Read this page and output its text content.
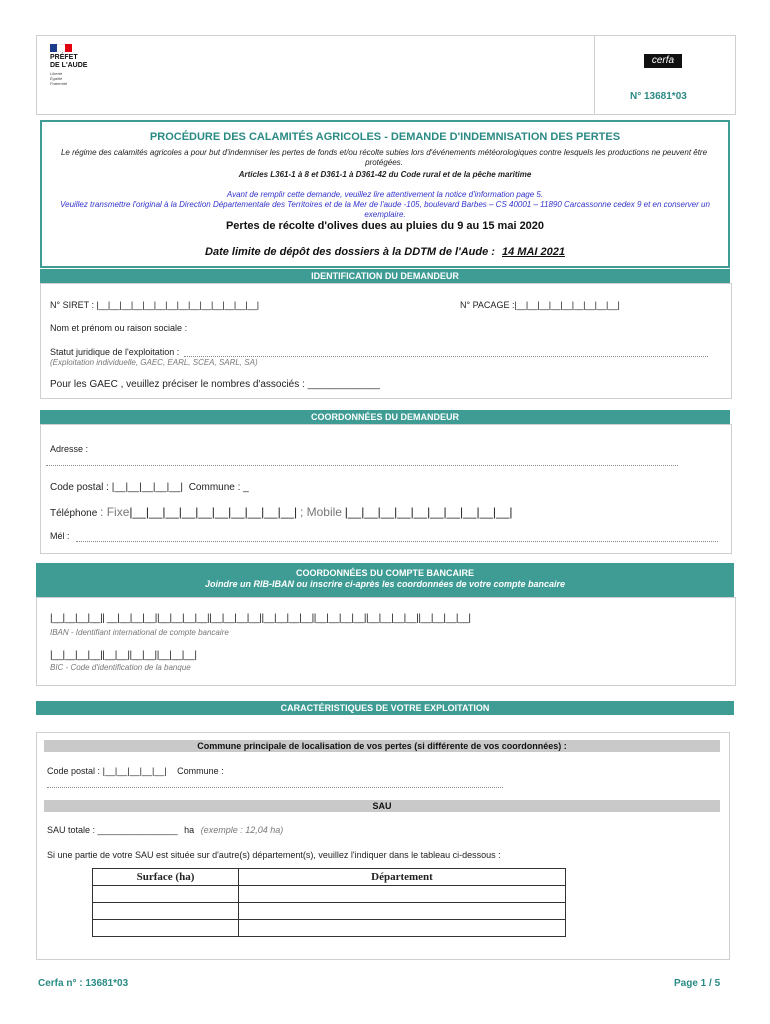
PRÉFET
DE L'AUDE
Liberté
Égalité
Fraternité
cerfa
N° 13681*03
PROCÉDURE DES CALAMITÉS AGRICOLES - DEMANDE D'INDEMNISATION DES PERTES
Le régime des calamités agricoles a pour but d'indemniser les pertes de fonds et/ou récolte subies lors d'événements météorologiques contre lesquels les productions ne peuvent être protégées.
Articles L361-1 à 8 et D361-1 à D361-42 du Code rural et de la pêche maritime
Avant de remplir cette demande, veuillez lire attentivement la notice d'information page 5.
Veuillez transmettre l'original à la Direction Départementale des Territoires et de la Mer de l'aude -105, boulevard Barbes – CS 40001 – 11890 Carcassonne cedex 9 et en conserver un exemplaire.
Pertes de récolte d'olives dues au pluies du 9 au 15 mai 2020
Date limite de dépôt des dossiers à la DDTM de l'Aude : 14 MAI 2021
IDENTIFICATION DU DEMANDEUR
N° SIRET : |__|__|__|__|__|__|__|__|__|__|__|__|__|__|	N° PACAGE :|__|__|__|__|__|__|__|__|__|
Nom et prénom ou raison sociale :
Statut juridique de l'exploitation :
(Exploitation individuelle, GAEC, EARL, SCEA, SARL, SA)
Pour les GAEC , veuillez préciser le nombres d'associés : _____________
COORDONNÉES DU DEMANDEUR
Adresse :
Code postal : |__|__|__|__|__| Commune : _
Téléphone : Fixe|__|__|__|__|__|__|__|__|__|__| ; Mobile |__|__|__|__|__|__|__|__|__|__|
Mél :
COORDONNÉES DU COMPTE BANCAIRE
Joindre un RIB-IBAN ou inscrire ci-après les coordonnées de votre compte bancaire
|__|__|__|__|| __|__|__|__||__|__|__|__||__|__|__|__||__|__|__|__||__|__|__|__||__|__|__|__||__|__|__|__|
IBAN - Identifiant international de compte bancaire
|__|__|__|__||__|__||__|__||__|__|__|
BIC - Code d'identification de la banque
CARACTÉRISTIQUES DE VOTRE EXPLOITATION
Commune principale de localisation de vos pertes (si différente de vos coordonnées) :
Code postal : |__|__|__|__|__| Commune :
SAU
SAU totale : ________________ ha (exemple : 12,04 ha)
Si une partie de votre SAU est située sur d'autre(s) département(s), veuillez l'indiquer dans le tableau ci-dessous :
Surface (ha)	Département

Cerfa n° : 13681*03	Page 1 / 5
